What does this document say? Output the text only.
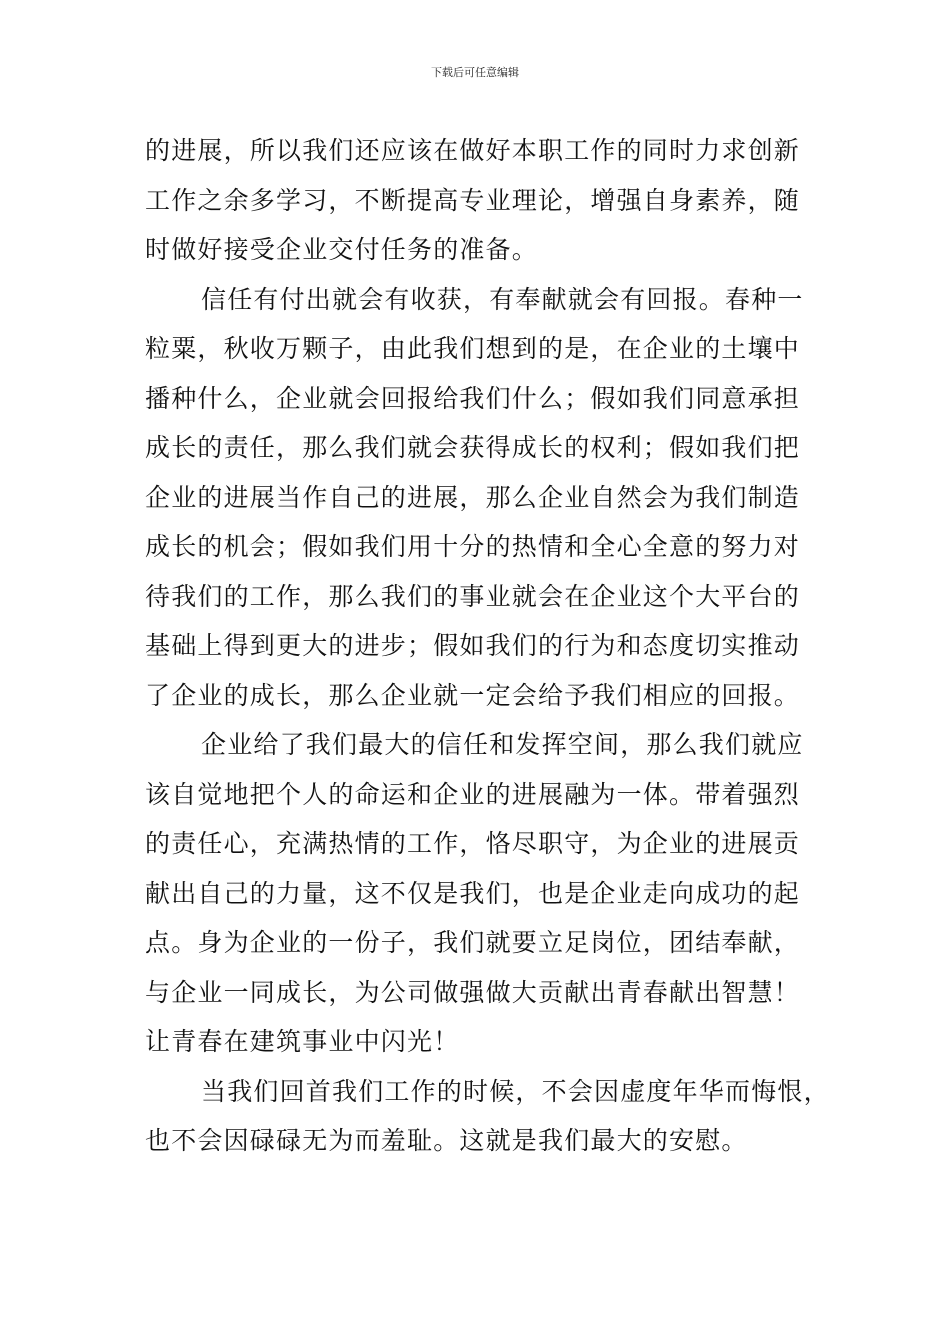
下载后可任意编辑
的进展，所以我们还应该在做好本职工作的同时力求创新
工作之余多学习，不断提高专业理论，增强自身素养，随
时做好接受企业交付任务的准备。
信任有付出就会有收获，有奉献就会有回报。春种一
粒粟，秋收万颗子，由此我们想到的是，在企业的土壤中
播种什么，企业就会回报给我们什么；假如我们同意承担
成长的责任，那么我们就会获得成长的权利；假如我们把
企业的进展当作自己的进展，那么企业自然会为我们制造
成长的机会；假如我们用十分的热情和全心全意的努力对
待我们的工作，那么我们的事业就会在企业这个大平台的
基础上得到更大的进步；假如我们的行为和态度切实推动
了企业的成长，那么企业就一定会给予我们相应的回报。
企业给了我们最大的信任和发挥空间，那么我们就应
该自觉地把个人的命运和企业的进展融为一体。带着强烈
的责任心，充满热情的工作，恪尽职守，为企业的进展贡
献出自己的力量，这不仅是我们，也是企业走向成功的起
点。身为企业的一份子，我们就要立足岗位，团结奉献，
与企业一同成长，为公司做强做大贡献出青春献出智慧！
让青春在建筑事业中闪光！
当我们回首我们工作的时候，不会因虚度年华而悔恨，
也不会因碌碌无为而羞耻。这就是我们最大的安慰。
